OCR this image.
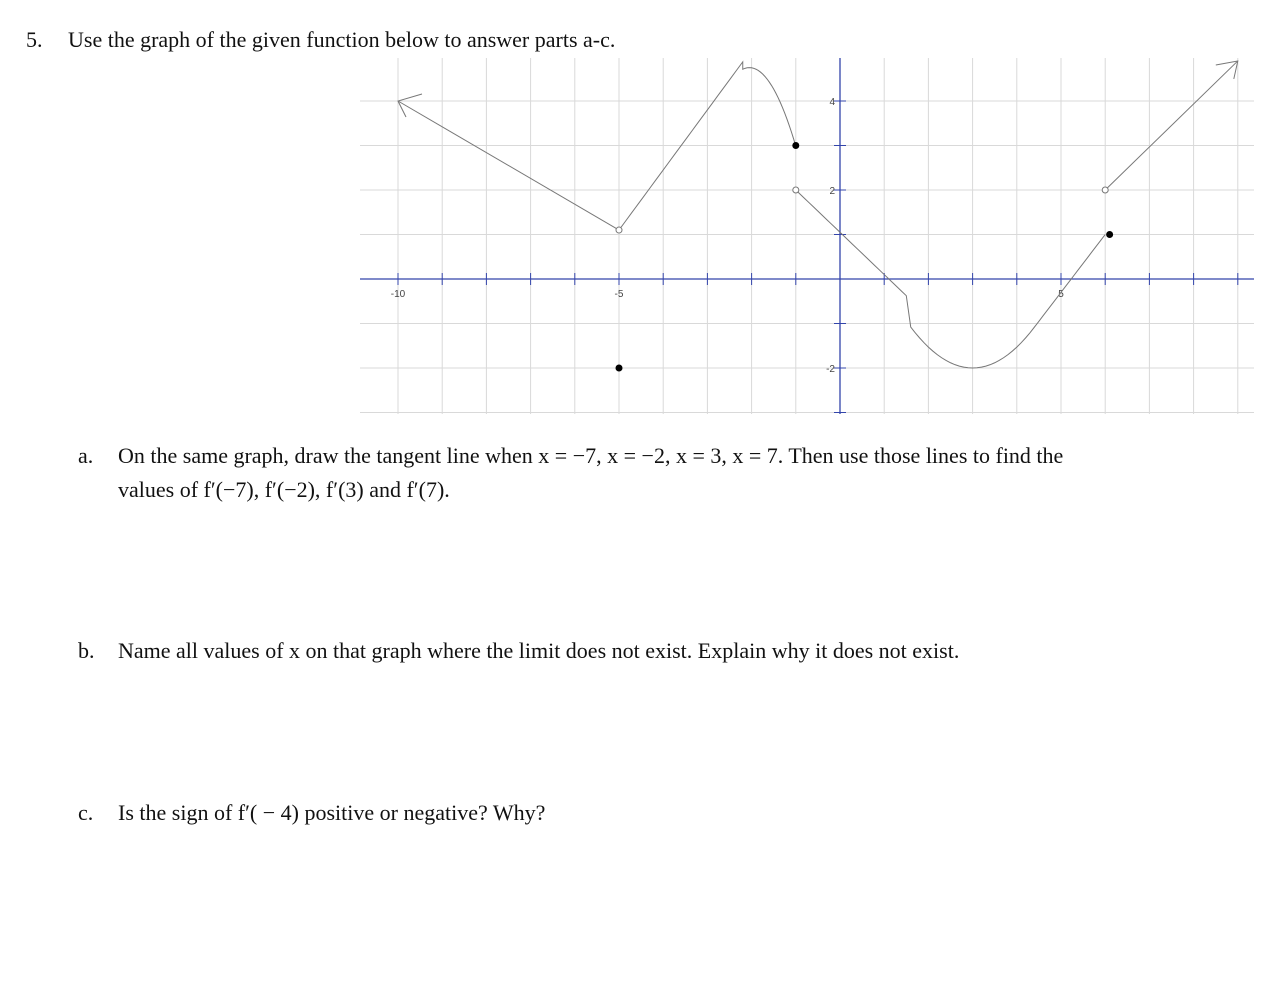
5. Use the graph of the given function below to answer parts a-c.
-10	-5	5
4
2
-2
a. On the same graph, draw the tangent line when x = −7, x = −2, x = 3, x = 7. Then use those lines to find the
values of f′(−7), f′(−2), f′(3) and f′(7).
b. Name all values of x on that graph where the limit does not exist. Explain why it does not exist.
c. Is the sign of f′( − 4) positive or negative? Why?
